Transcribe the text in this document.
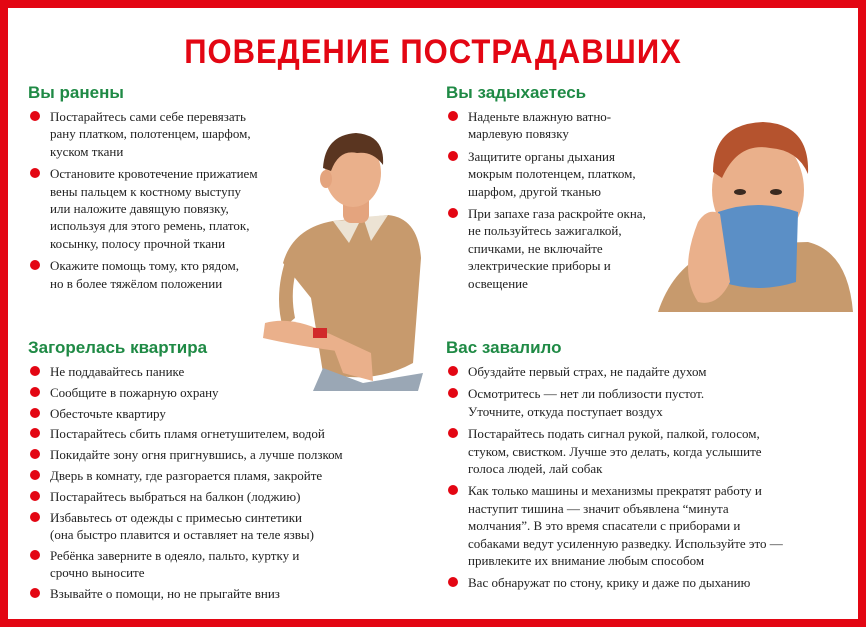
ПОВЕДЕНИЕ ПОСТРАДАВШИХ
Вы ранены
Постарайтесь сами себе перевязать
рану платком, полотенцем, шарфом,
куском ткани
Остановите кровотечение прижатием
вены пальцем к костному выступу
или наложите давящую повязку,
используя для этого ремень, платок,
косынку, полосу прочной ткани
Окажите помощь тому, кто рядом,
но в более тяжёлом положении
Вы задыхаетесь
Наденьте влажную ватно-
марлевую повязку
Защитите органы дыхания
мокрым полотенцем, платком,
шарфом, другой тканью
При запахе газа раскройте окна,
не пользуйтесь зажигалкой,
спичками, не включайте
электрические приборы и
освещение
Загорелась квартира
Не поддавайтесь панике
Сообщите в пожарную охрану
Обесточьте квартиру
Постарайтесь сбить пламя огнетушителем, водой
Покидайте зону огня пригнувшись, а лучше ползком
Дверь в комнату, где разгорается пламя, закройте
Постарайтесь выбраться на балкон (лоджию)
Избавьтесь от одежды с примесью синтетики
(она быстро плавится и оставляет на теле язвы)
Ребёнка заверните в одеяло, пальто, куртку и
срочно выносите
Взывайте о помощи, но не прыгайте вниз
Вас завалило
Обуздайте первый страх, не падайте духом
Осмотритесь — нет ли поблизости пустот.
Уточните, откуда поступает воздух
Постарайтесь подать сигнал рукой, палкой, голосом,
стуком, свистком. Лучше это делать, когда услышите
голоса людей, лай собак
Как только машины и механизмы прекратят работу и
наступит тишина — значит объявлена “минута
молчания”. В это время спасатели с приборами и
собаками ведут усиленную разведку. Используйте это —
привлеките их внимание любым способом
Вас обнаружат по стону, крику и даже по дыханию
